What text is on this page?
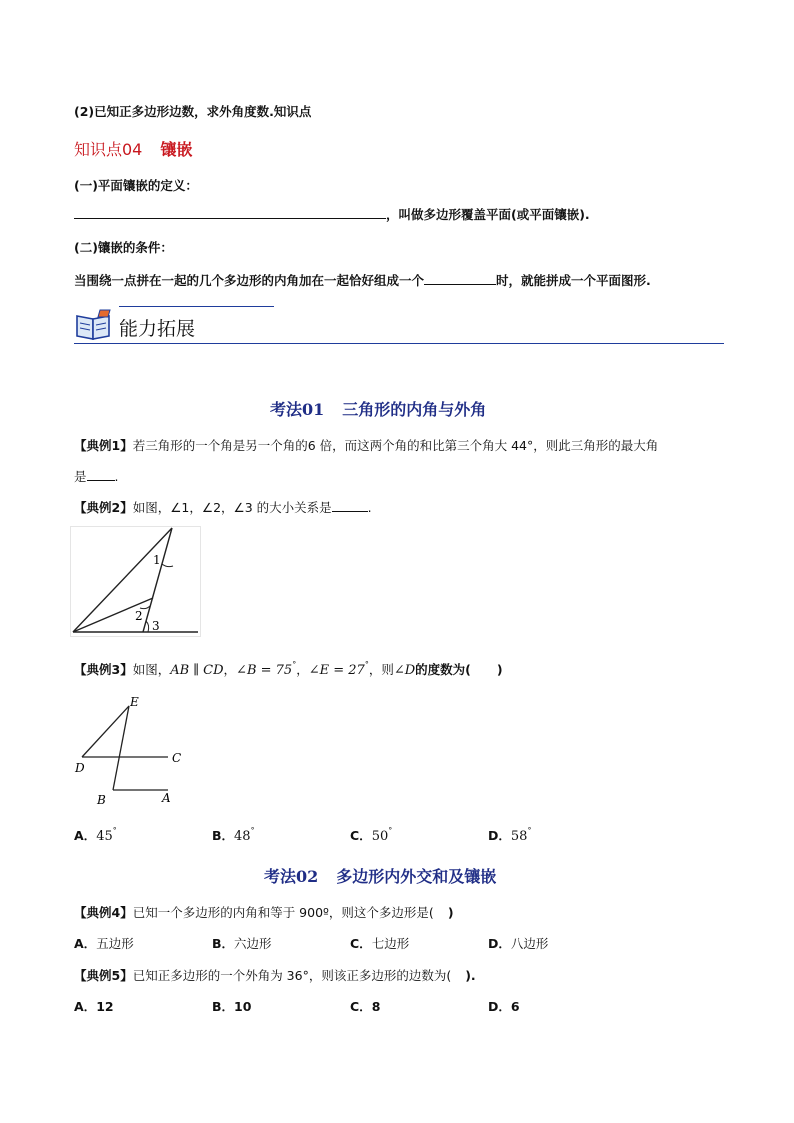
(2)已知正多边形边数，求外角度数.知识点
知识点04 镶嵌
(一)平面镶嵌的定义：
，叫做多边形覆盖平面(或平面镶嵌).
(二)镶嵌的条件：
当围绕一点拼在一起的几个多边形的内角加在一起恰好组成一个	时，就能拼成一个平面图形.
能力拓展
考法01 三角形的内角与外角
【典例1】若三角形的一个角是另一个角的6 倍，而这两个角的和比第三个角大 44°，则此三角形的最大角
是 .
【典例2】如图，∠1，∠2，∠3 的大小关系是	.
1
2
3
【典例3】如图，AB ∥ CD，∠B = 75°，∠E = 27°，则∠D的度数为( )
E
D
C
B	A
A．45°	B．48°	C．50°	D．58°
考法02 多边形内外交和及镶嵌
【典例4】已知一个多边形的内角和等于 900º，则这个多边形是( )
A．五边形	B．六边形	C．七边形	D．八边形
【典例5】已知正多边形的一个外角为 36°，则该正多边形的边数为( ).
A．12	B．10	C．8	D．6
